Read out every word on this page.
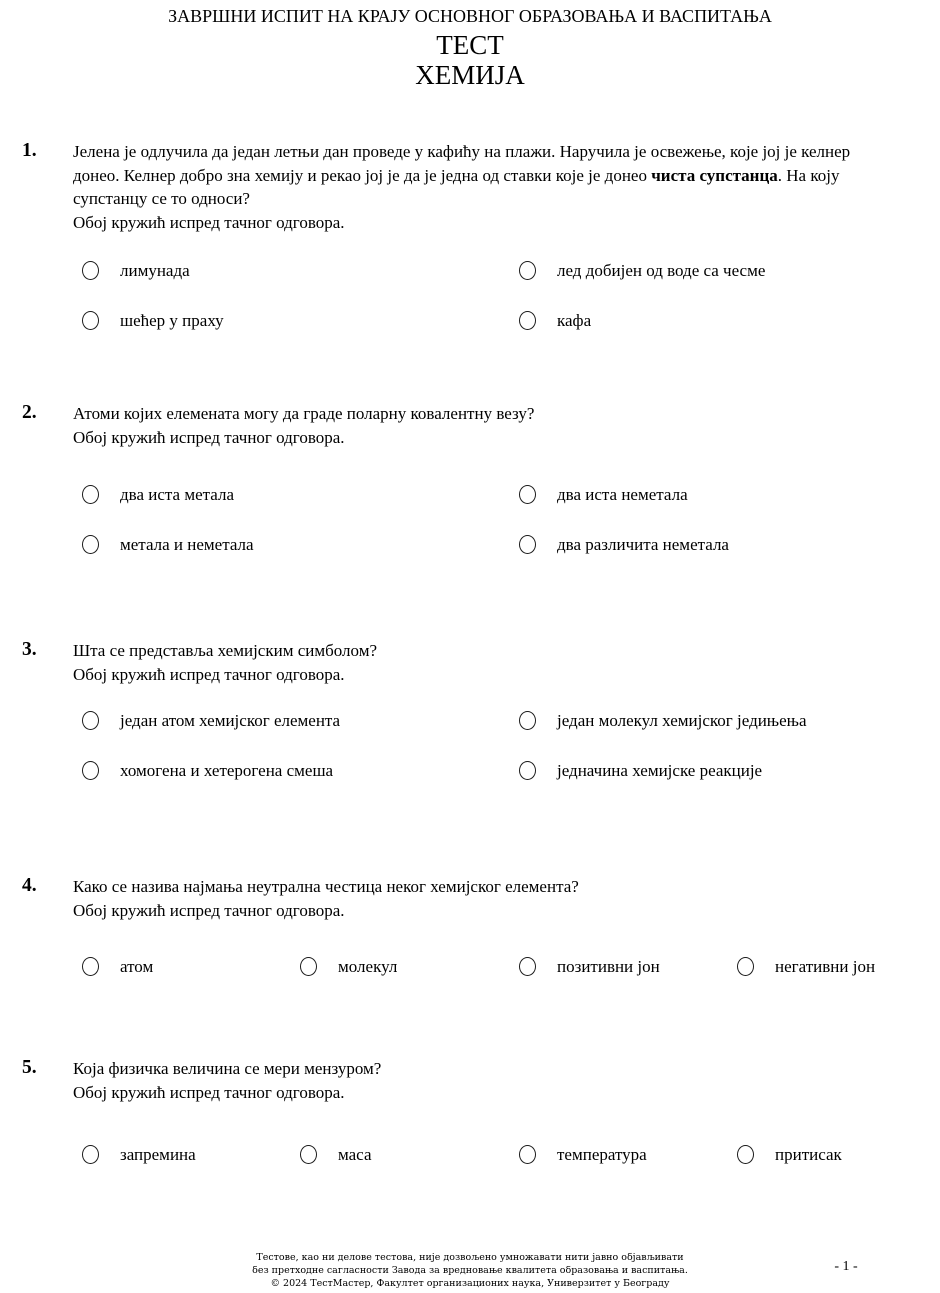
ЗАВРШНИ ИСПИТ НА КРАЈУ ОСНОВНОГ ОБРАЗОВАЊА И ВАСПИТАЊА
ТЕСТ
ХЕМИЈА
1. Јелена је одлучила да један летњи дан проведе у кафићу на плажи. Наручила је освежење, које јој је келнер донео. Келнер добро зна хемију и рекао јој је да је једна од ставки које је донео чиста супстанца. На коју супстанцу се то односи?

Обој кружић испред тачног одговора.

лимунада	лед добијен од воде са чесме
шећер у праху	кафа
2. Атоми којих елемената могу да граде поларну ковалентну везу?

Обој кружић испред тачног одговора.

два иста метала	два иста неметала
метала и неметала	два различита неметала
3. Шта се представља хемијским симболом?

Обој кружић испред тачног одговора.

један атом хемијског елемента	један молекул хемијског једињења
хомогена и хетерогена смеша	једначина хемијске реакције
4. Како се назива најмања неутрална честица неког хемијског елемента?

Обој кружић испред тачног одговора.

атом	молекул	позитивни јон	негативни јон
5. Која физичка величина се мери мензуром?

Обој кружић испред тачног одговора.

запремина	маса	температура	притисак

Тестове, као ни делове тестова, није дозвољено умножавати нити јавно објављивати

без претходне сагласности Завода за вредновање квалитета образовања и васпитања.

© 2024 ТестМастер, Факултет организационих наука, Универзитет у Београду

- 1 -
